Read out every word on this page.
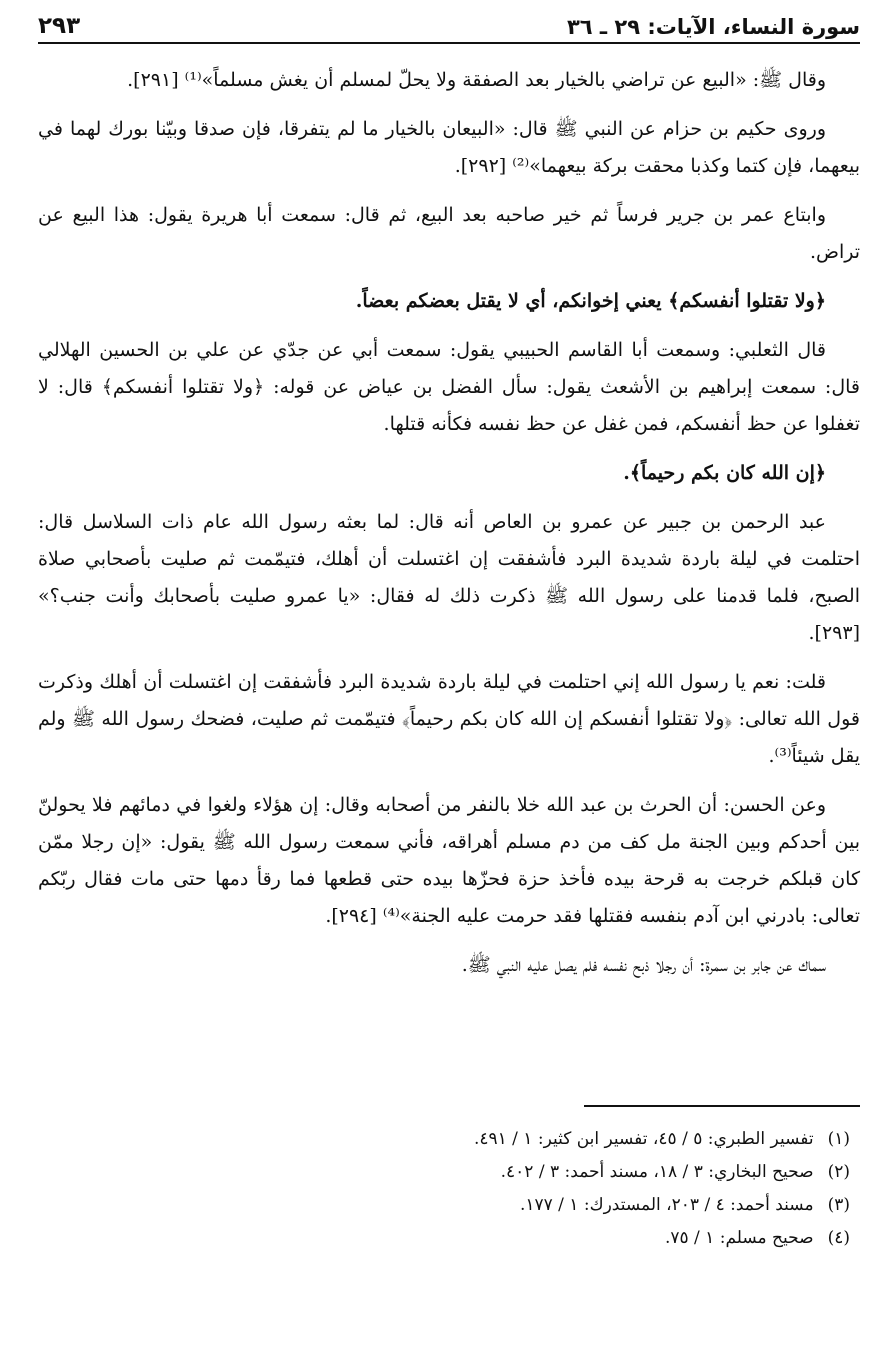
سورة النساء، الآيات: ٢٩ ـ ٣٦
٢٩٣

وقال ﷺ: «البيع عن تراضي بالخيار بعد الصفقة ولا يحلّ لمسلم أن يغش مسلماً»⁽¹⁾ [٢٩١].

وروى حكيم بن حزام عن النبي ﷺ قال: «البيعان بالخيار ما لم يتفرقا، فإن صدقا وبيّنا بورك لهما في بيعهما، فإن كتما وكذبا محقت بركة بيعهما»⁽²⁾ [٢٩٢].

وابتاع عمر بن جرير فرساً ثم خير صاحبه بعد البيع، ثم قال: سمعت أبا هريرة يقول: هذا البيع عن تراض.

﴿ولا تقتلوا أنفسكم﴾ يعني إخوانكم، أي لا يقتل بعضكم بعضاً.

قال الثعلبي: وسمعت أبا القاسم الحبيبي يقول: سمعت أبي عن جدّي عن علي بن الحسين الهلالي قال: سمعت إبراهيم بن الأشعث يقول: سأل الفضل بن عياض عن قوله: ﴿ولا تقتلوا أنفسكم﴾ قال: لا تغفلوا عن حظ أنفسكم، فمن غفل عن حظ نفسه فكأنه قتلها.

﴿إن الله كان بكم رحيماً﴾.

عبد الرحمن بن جبير عن عمرو بن العاص أنه قال: لما بعثه رسول الله عام ذات السلاسل قال: احتلمت في ليلة باردة شديدة البرد فأشفقت إن اغتسلت أن أهلك، فتيمّمت ثم صليت بأصحابي صلاة الصبح، فلما قدمنا على رسول الله ﷺ ذكرت ذلك له فقال: «يا عمرو صليت بأصحابك وأنت جنب؟» [٢٩٣].

قلت: نعم يا رسول الله إني احتلمت في ليلة باردة شديدة البرد فأشفقت إن اغتسلت أن أهلك وذكرت قول الله تعالى: ﴿ولا تقتلوا أنفسكم إن الله كان بكم رحيماً﴾ فتيمّمت ثم صليت، فضحك رسول الله ﷺ ولم يقل شيئاً⁽³⁾.

وعن الحسن: أن الحرث بن عبد الله خلا بالنفر من أصحابه وقال: إن هؤلاء ولغوا في دمائهم فلا يحولنّ بين أحدكم وبين الجنة مل كف من دم مسلم أهراقه، فأني سمعت رسول الله ﷺ يقول: «إن رجلا ممّن كان قبلكم خرجت به قرحة بيده فأخذ حزة فحزّها بيده حتى قطعها فما رقأ دمها حتى مات فقال ربّكم تعالى: بادرني ابن آدم بنفسه فقتلها فقد حرمت عليه الجنة»⁽⁴⁾ [٢٩٤].

سماك عن جابر بن سمرة: أن رجلا ذبح نفسه فلم يصل عليه النبي ﷺ.

(١)تفسير الطبري: ٥ / ٤٥، تفسير ابن كثير: ١ / ٤٩١.
(٢)صحيح البخاري: ٣ / ١٨، مسند أحمد: ٣ / ٤٠٢.
(٣)مسند أحمد: ٤ / ٢٠٣، المستدرك: ١ / ١٧٧.
(٤)صحيح مسلم: ١ / ٧٥.
